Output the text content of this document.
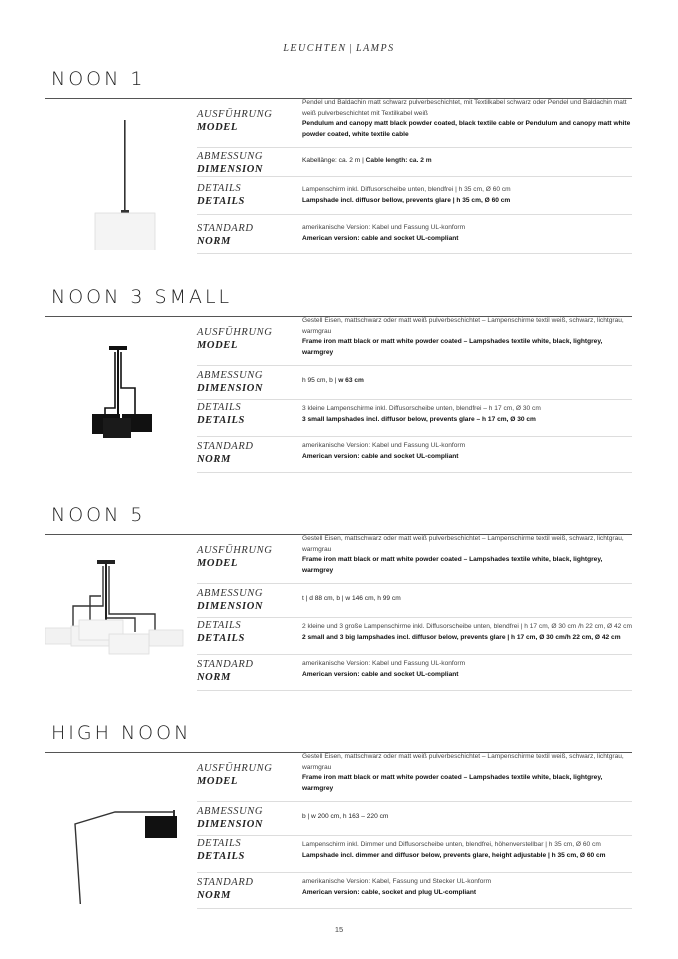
LEUCHTEN | LAMPS
NOON 1
AUSFÜHRUNG
MODEL
Pendel und Baldachin matt schwarz pulverbeschichtet, mit Textilkabel schwarz oder Pendel und Baldachin matt weiß pulverbeschichtet mit Textilkabel weiß
Pendulum and canopy matt black powder coated, black textile cable or Pendulum and canopy matt white powder coated, white textile cable
ABMESSUNG
DIMENSION
Kabellänge: ca. 2 m | Cable length: ca. 2 m
DETAILS
DETAILS
Lampenschirm inkl. Diffusorscheibe unten, blendfrei | h 35 cm, Ø 60 cm
Lampshade incl. diffusor bellow, prevents glare | h 35 cm, Ø 60 cm
STANDARD
NORM
amerikanische Version: Kabel und Fassung UL-konform
American version: cable and socket UL-compliant
NOON 3 SMALL
AUSFÜHRUNG
MODEL
Gestell Eisen, mattschwarz oder matt weiß pulverbeschichtet – Lampenschirme textil weiß, schwarz, lichtgrau, warmgrau
Frame iron matt black or matt white powder coated – Lampshades textile white, black, lightgrey, warmgrey
ABMESSUNG
DIMENSION
h 95 cm, b | w 63 cm
DETAILS
DETAILS
3 kleine Lampenschirme inkl. Diffusorscheibe unten, blendfrei – h 17 cm, Ø 30 cm
3 small lampshades incl. diffusor below, prevents glare – h 17 cm, Ø 30 cm
STANDARD
NORM
amerikanische Version: Kabel und Fassung UL-konform
American version: cable and socket UL-compliant
NOON 5
AUSFÜHRUNG
MODEL
Gestell Eisen, mattschwarz oder matt weiß pulverbeschichtet – Lampenschirme textil weiß, schwarz, lichtgrau, warmgrau
Frame iron matt black or matt white powder coated – Lampshades textile white, black, lightgrey, warmgrey
ABMESSUNG
DIMENSION
t | d 88 cm, b | w 146 cm, h 99 cm
DETAILS
DETAILS
2 kleine und 3 große Lampenschirme inkl. Diffusorscheibe unten, blendfrei | h 17 cm, Ø 30 cm /h 22 cm, Ø 42 cm
2 small and 3 big lampshades incl. diffusor below, prevents glare | h 17 cm, Ø 30 cm/h 22 cm, Ø 42 cm
STANDARD
NORM
amerikanische Version: Kabel und Fassung UL-konform
American version: cable and socket UL-compliant
HIGH NOON
AUSFÜHRUNG
MODEL
Gestell Eisen, mattschwarz oder matt weiß pulverbeschichtet – Lampenschirme textil weiß, schwarz, lichtgrau, warmgrau
Frame iron matt black or matt white powder coated – Lampshades textile white, black, lightgrey, warmgrey
ABMESSUNG
DIMENSION
b | w 200 cm, h 163 – 220 cm
DETAILS
DETAILS
Lampenschirm inkl. Dimmer und Diffusorscheibe unten, blendfrei, höhenverstellbar | h 35 cm, Ø 60 cm
Lampshade incl. dimmer and diffusor below, prevents glare, height adjustable | h 35 cm, Ø 60 cm
STANDARD
NORM
amerikanische Version: Kabel, Fassung und Stecker UL-konform
American version: cable, socket and plug UL-compliant
15
